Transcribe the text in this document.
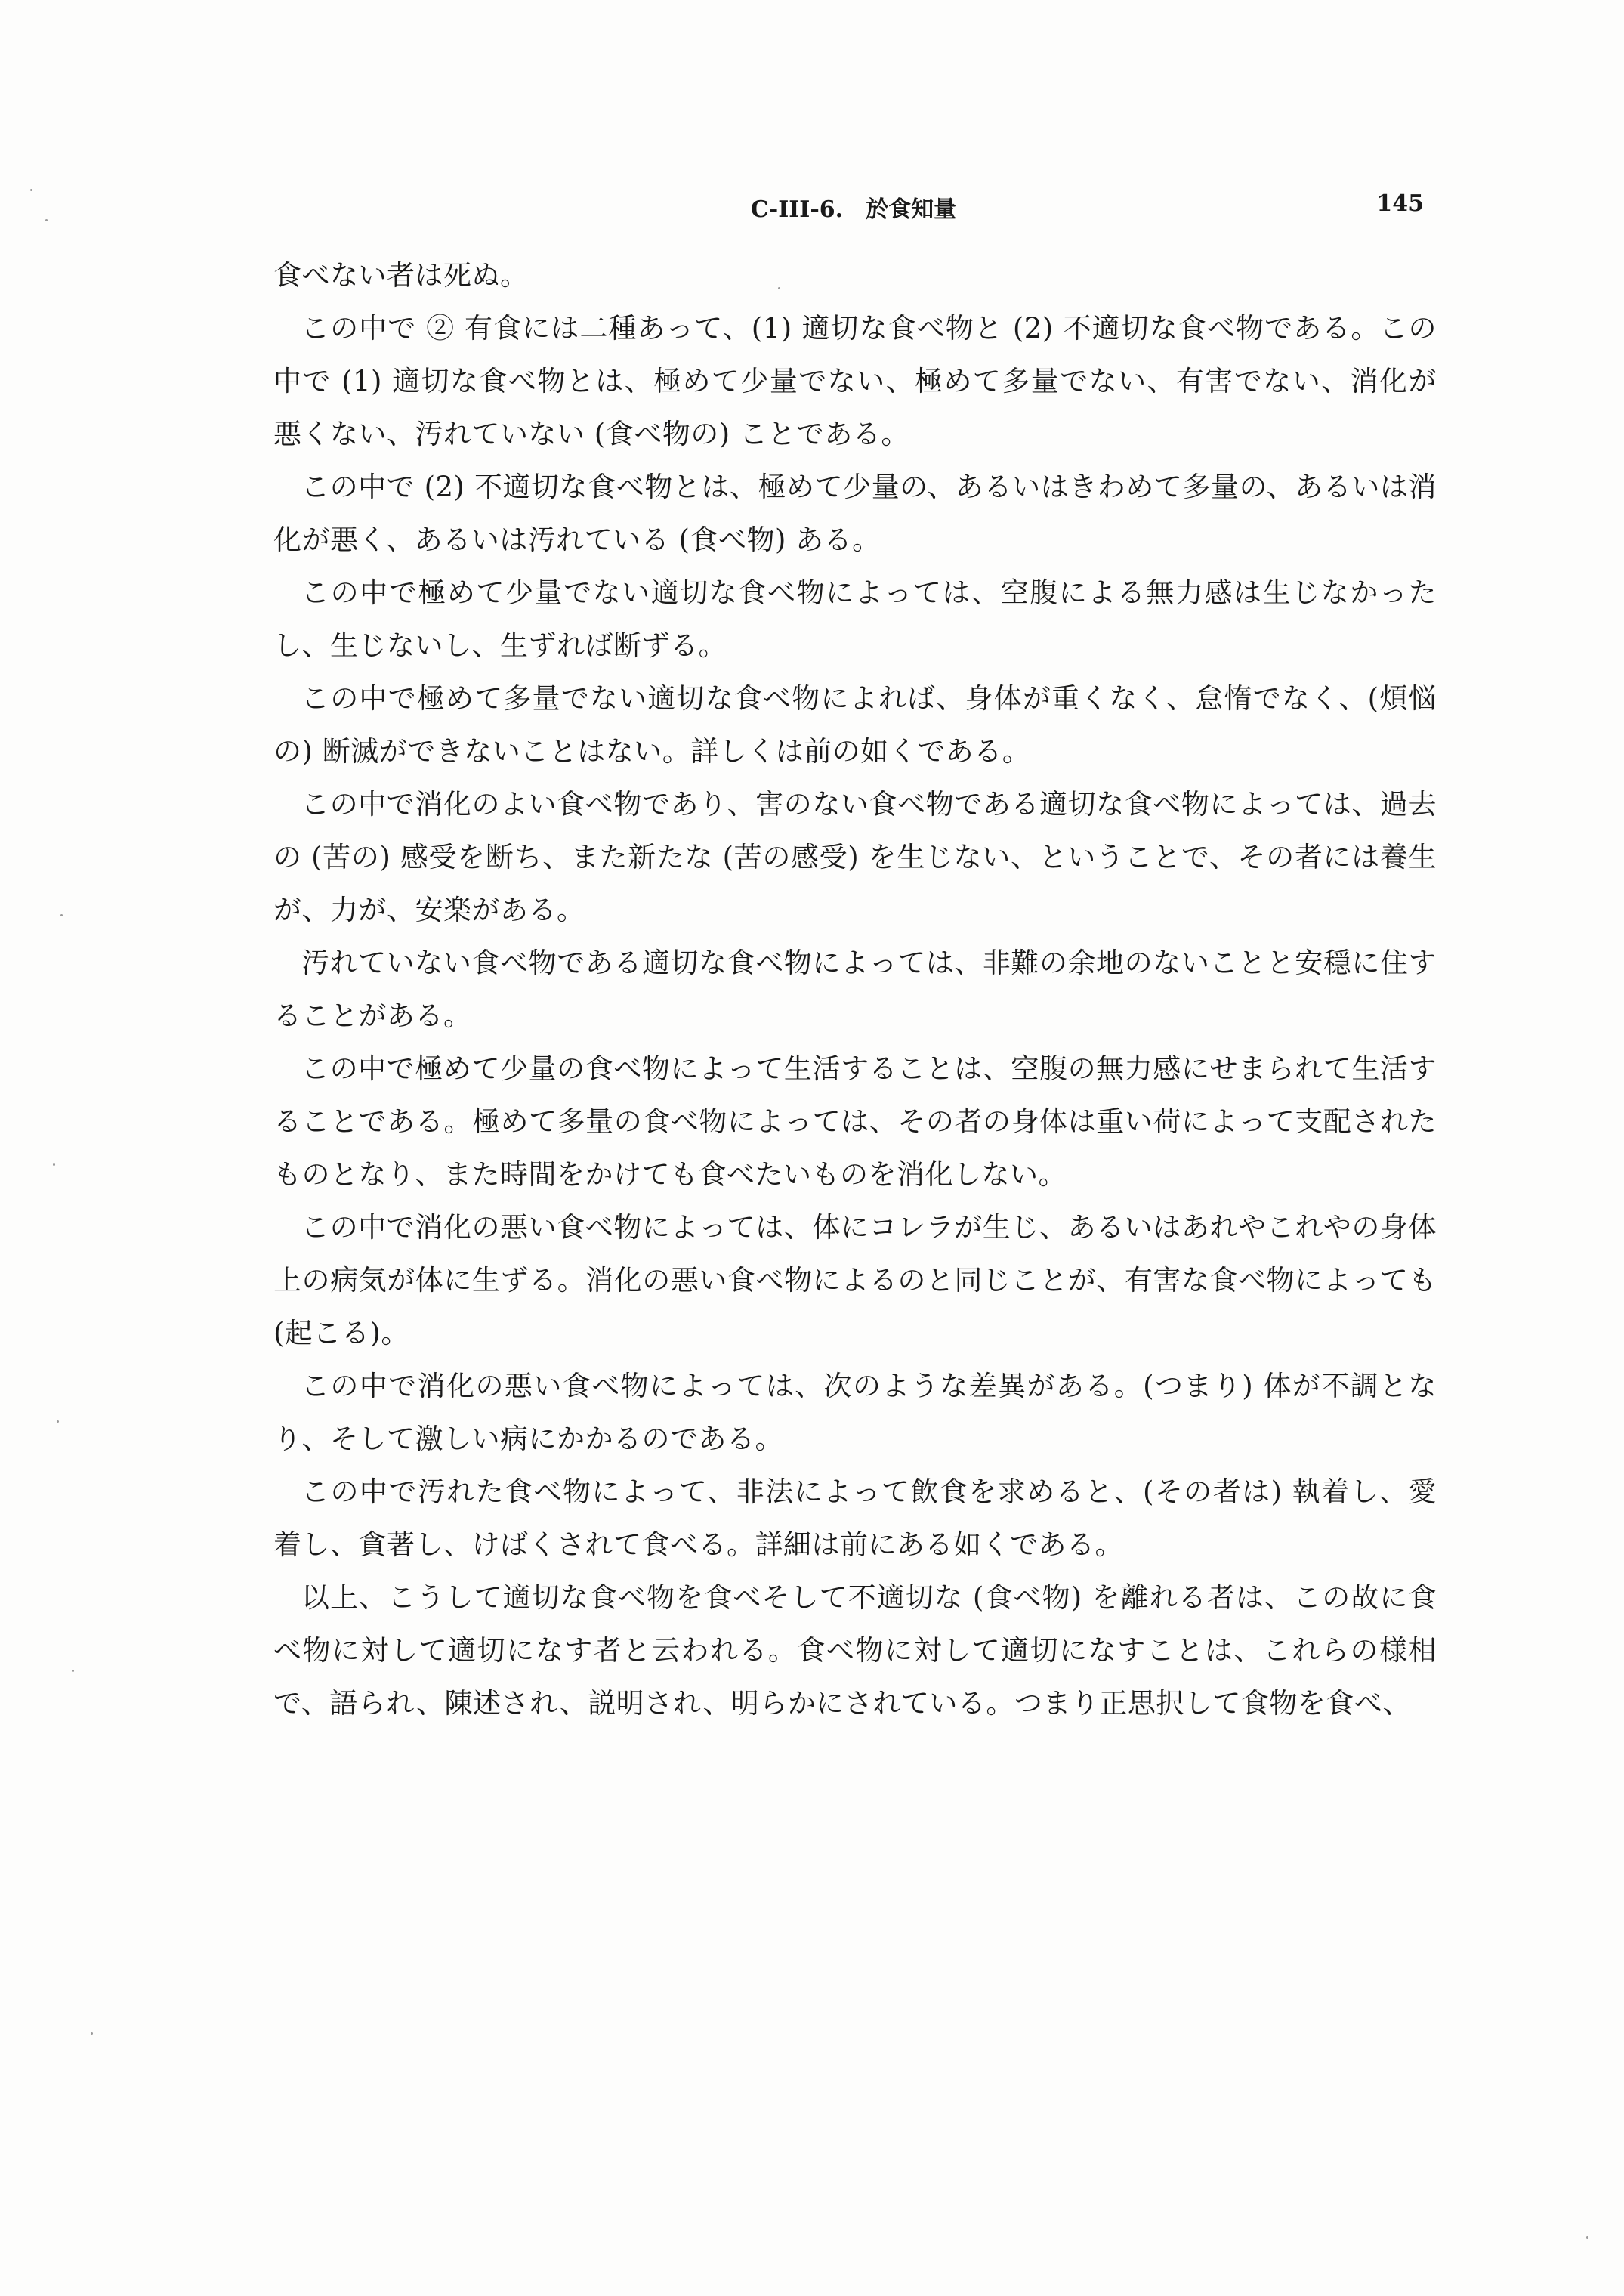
C-III-6.　於食知量	145

食べない者は死ぬ。

この中で ② 有食には二種あって、(1) 適切な食べ物と (2) 不適切な食べ物である。この中で (1) 適切な食べ物とは、極めて少量でない、極めて多量でない、有害でない、消化が悪くない、汚れていない (食べ物の) ことである。

この中で (2) 不適切な食べ物とは、極めて少量の、あるいはきわめて多量の、あるいは消化が悪く、あるいは汚れている (食べ物) ある。

この中で極めて少量でない適切な食べ物によっては、空腹による無力感は生じなかったし、生じないし、生ずれば断ずる。

この中で極めて多量でない適切な食べ物によれば、身体が重くなく、怠惰でなく、(煩悩の) 断滅ができないことはない。詳しくは前の如くである。

この中で消化のよい食べ物であり、害のない食べ物である適切な食べ物によっては、過去の (苦の) 感受を断ち、また新たな (苦の感受) を生じない、ということで、その者には養生が、力が、安楽がある。

汚れていない食べ物である適切な食べ物によっては、非難の余地のないことと安穏に住することがある。

この中で極めて少量の食べ物によって生活することは、空腹の無力感にせまられて生活することである。極めて多量の食べ物によっては、その者の身体は重い荷によって支配されたものとなり、また時間をかけても食べたいものを消化しない。

この中で消化の悪い食べ物によっては、体にコレラが生じ、あるいはあれやこれやの身体上の病気が体に生ずる。消化の悪い食べ物によるのと同じことが、有害な食べ物によっても (起こる)。

この中で消化の悪い食べ物によっては、次のような差異がある。(つまり) 体が不調となり、そして激しい病にかかるのである。

この中で汚れた食べ物によって、非法によって飲食を求めると、(その者は) 執着し、愛着し、貪著し、けばくされて食べる。詳細は前にある如くである。

以上、こうして適切な食べ物を食べそして不適切な (食べ物) を離れる者は、この故に食べ物に対して適切になす者と云われる。食べ物に対して適切になすことは、これらの様相で、語られ、陳述され、説明され、明らかにされている。つまり正思択して食物を食べ、
